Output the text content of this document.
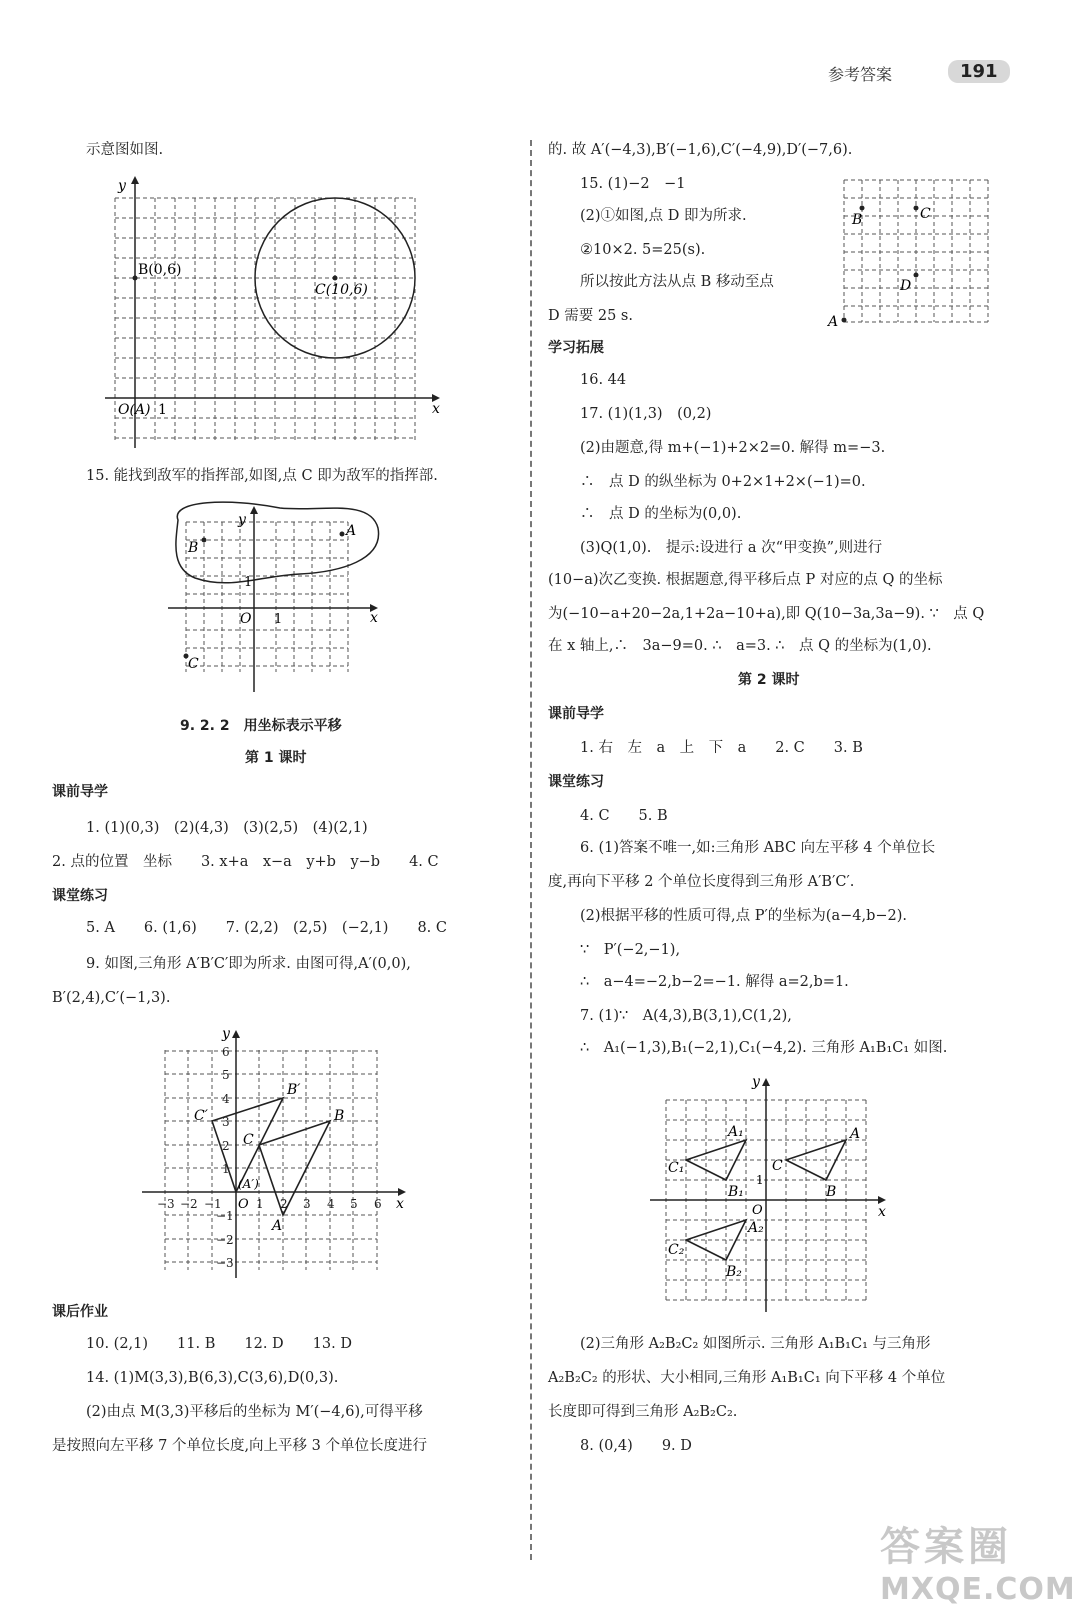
参考答案	191
示意图如图.
B(0,6)
C(10,6)
O(A) 1	x
y
15. 能找到敌军的指挥部,如图,点 C 即为敌军的指挥部.
A
B
C
O 1
1
x
y
9. 2. 2　用坐标表示平移
第 1 课时
课前导学
1. (1)(0,3)　(2)(4,3)　(3)(2,5)　(4)(2,1)
2. 点的位置　坐标　　3. x+a　x−a　y+b　y−b　　4. C
课堂练习
5. A　　6. (1,6)　　7. (2,2)　(2,5)　(−2,1)　　8. C
9. 如图,三角形 A′B′C′即为所求. 由图可得,A′(0,0),
B′(2,4),C′(−1,3).
B
B′
C
C′
A
(A′)
O	x
y
−3 −2 −1	1 2 3 4 5 6
6
5
4
3
2
1
−1
−2
−3
课后作业
10. (2,1)　　11. B　　12. D　　13. D
14. (1)M(3,3),B(6,3),C(3,6),D(0,3).
(2)由点 M(3,3)平移后的坐标为 M′(−4,6),可得平移
是按照向左平移 7 个单位长度,向上平移 3 个单位长度进行
的. 故 A′(−4,3),B′(−1,6),C′(−4,9),D′(−7,6).
15. (1)−2　−1
(2)①如图,点 D 即为所求.
②10×2. 5=25(s).
所以按此方法从点 B 移动至点
D 需要 25 s.	A
B	C
D
学习拓展
16. 44
17. (1)(1,3)　(0,2)
(2)由题意,得 m+(−1)+2×2=0. 解得 m=−3.
∴　点 D 的纵坐标为 0+2×1+2×(−1)=0.
∴　点 D 的坐标为(0,0).
(3)Q(1,0).　提示:设进行 a 次“甲变换”,则进行
(10−a)次乙变换. 根据题意,得平移后点 P 对应的点 Q 的坐标
为(−10−a+20−2a,1+2a−10+a),即 Q(10−3a,3a−9). ∵　点 Q
在 x 轴上,∴　3a−9=0. ∴　a=3. ∴　点 Q 的坐标为(1,0).
第 2 课时
课前导学
1. 右　左　a　上　下　a　　2. C　　3. B
课堂练习
4. C　　5. B
6. (1)答案不唯一,如:三角形 ABC 向左平移 4 个单位长
度,再向下平移 2 个单位长度得到三角形 A′B′C′.
(2)根据平移的性质可得,点 P′的坐标为(a−4,b−2).
∵　P′(−2,−1),
∴　a−4=−2,b−2=−1. 解得 a=2,b=1.
7. (1)∵　A(4,3),B(3,1),C(1,2),
∴　A₁(−1,3),B₁(−2,1),C₁(−4,2). 三角形 A₁B₁C₁ 如图.
A
B
C
A₁
B₁
C₁
A₂
B₂
C₂
O
1
x
y
(2)三角形 A₂B₂C₂ 如图所示. 三角形 A₁B₁C₁ 与三角形
A₂B₂C₂ 的形状、大小相同,三角形 A₁B₁C₁ 向下平移 4 个单位
长度即可得到三角形 A₂B₂C₂.
8. (0,4)　　9. D
答案圈
MXQE.COM
